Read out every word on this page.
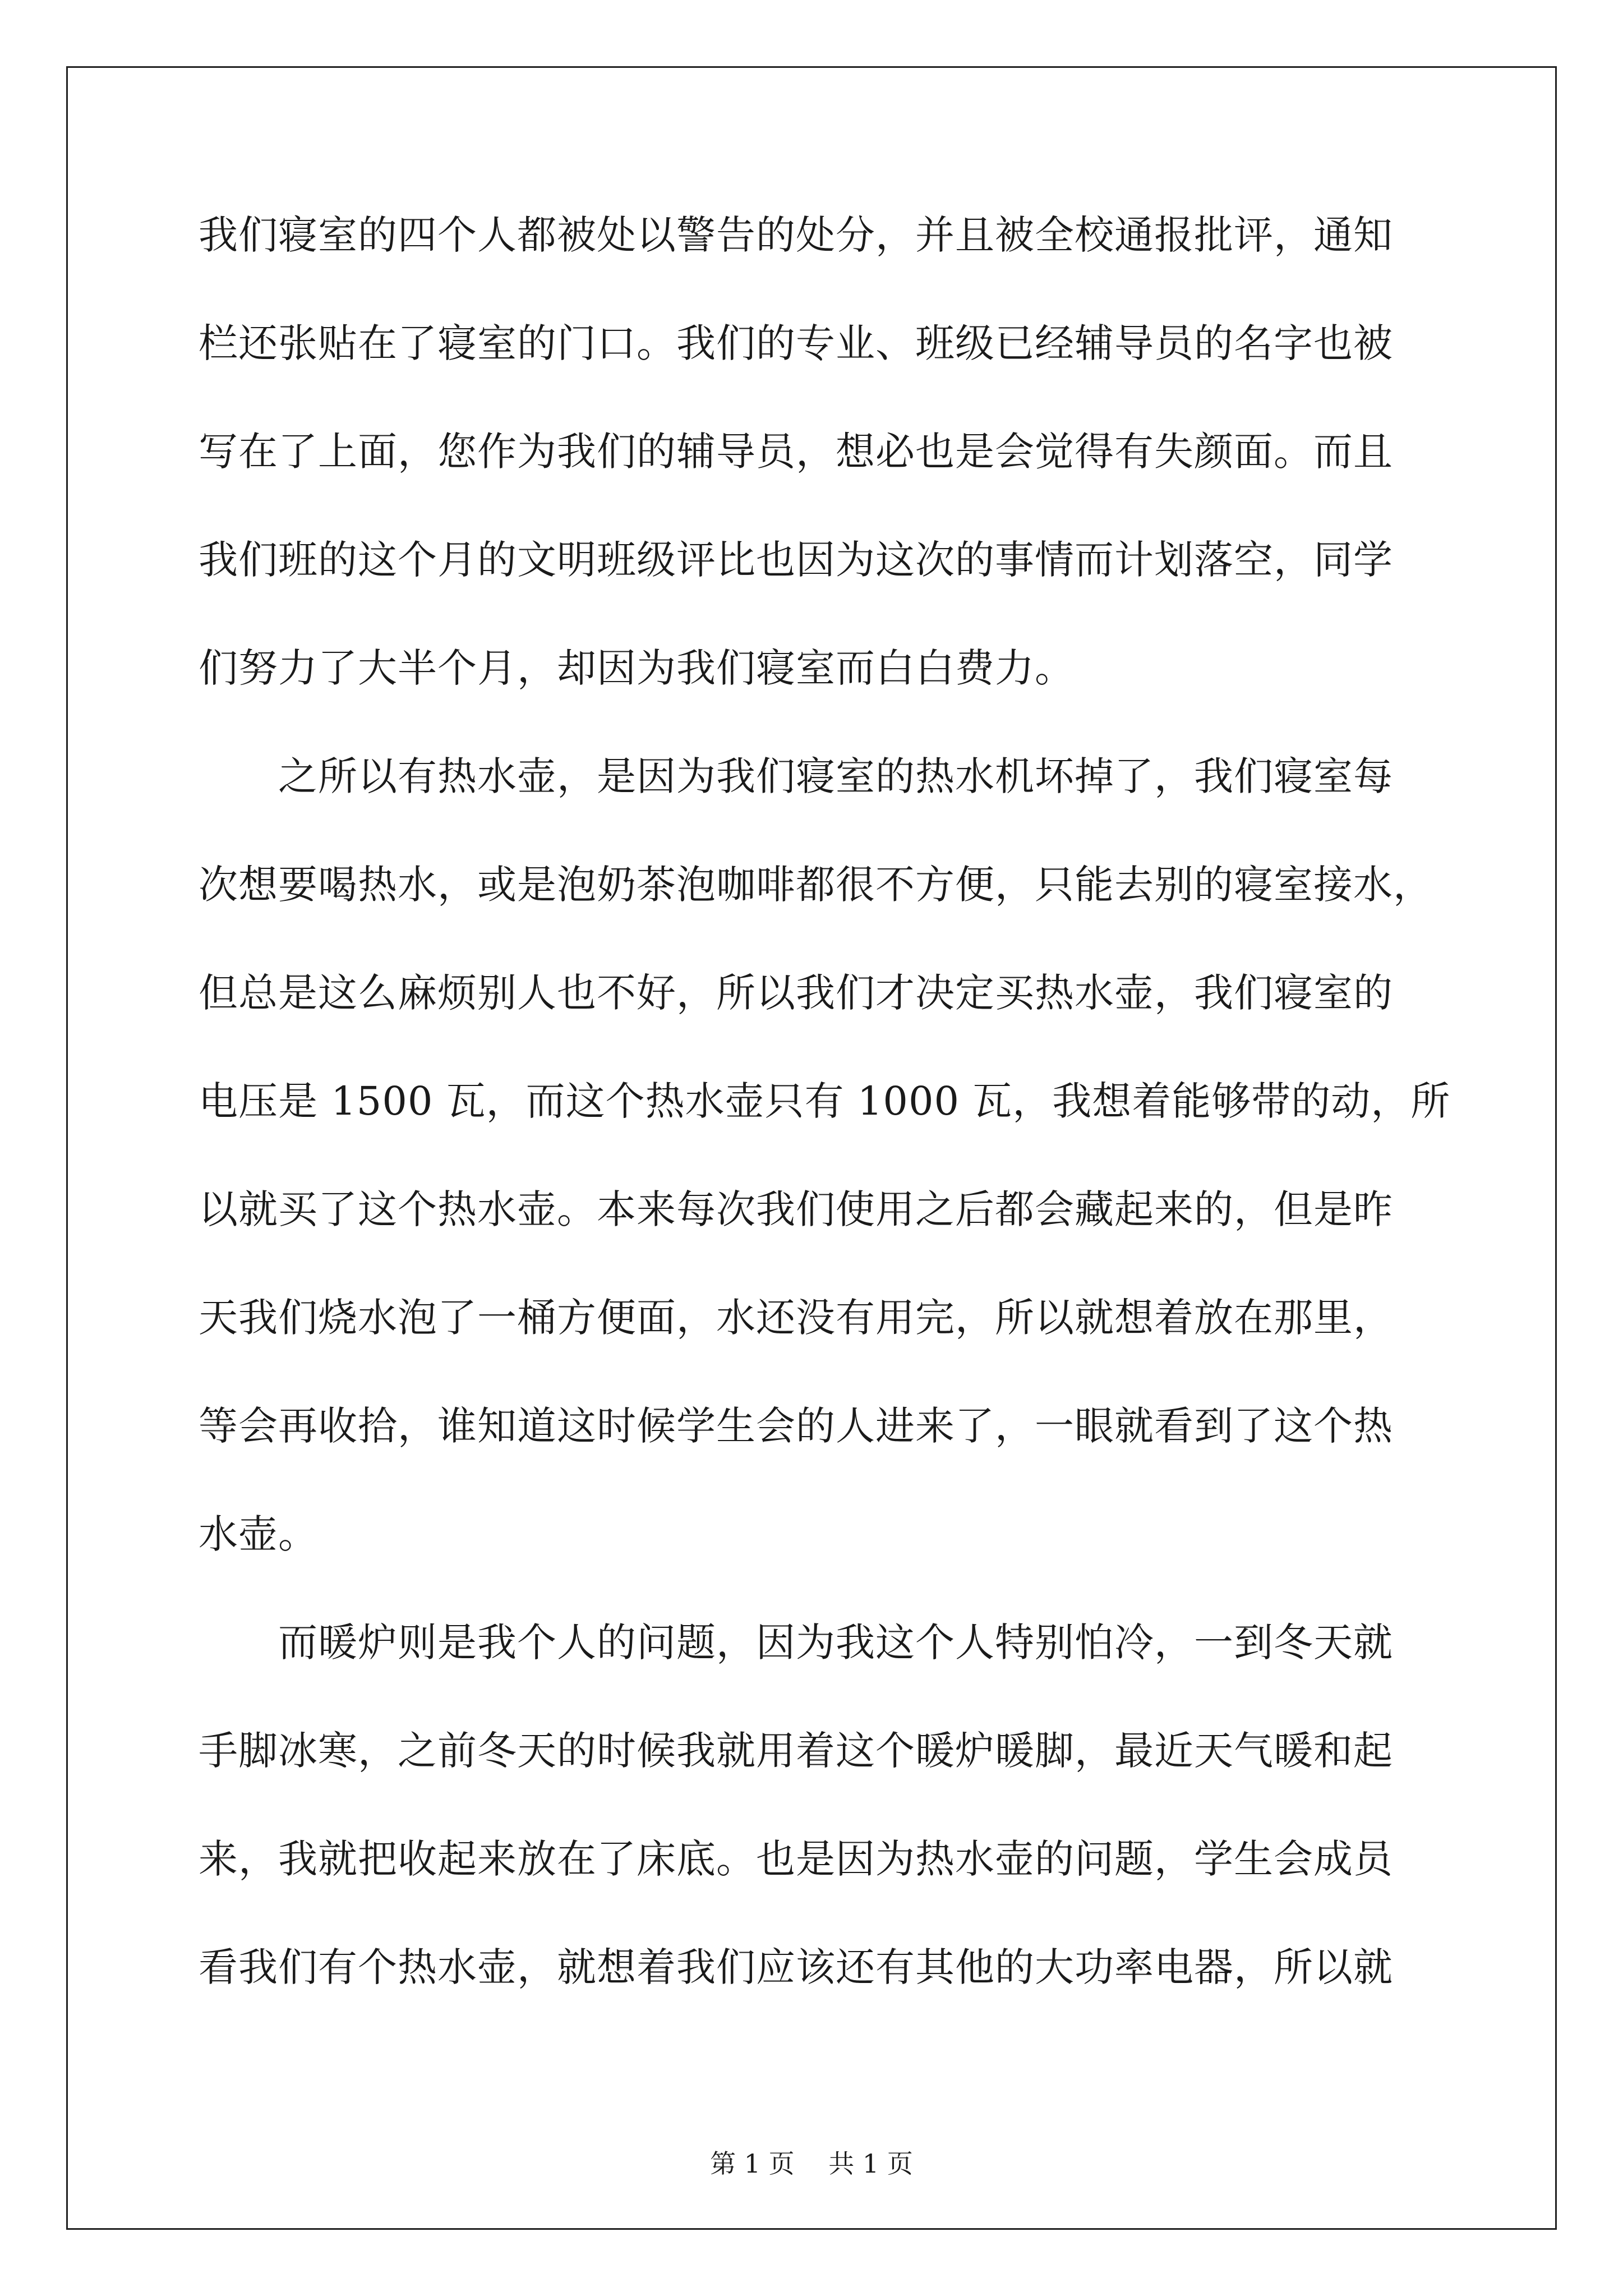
我们寝室的四个人都被处以警告的处分，并且被全校通报批评，通知
栏还张贴在了寝室的门口。我们的专业、班级已经辅导员的名字也被
写在了上面，您作为我们的辅导员，想必也是会觉得有失颜面。而且
我们班的这个月的文明班级评比也因为这次的事情而计划落空，同学
们努力了大半个月，却因为我们寝室而白白费力。
　　之所以有热水壶，是因为我们寝室的热水机坏掉了，我们寝室每
次想要喝热水，或是泡奶茶泡咖啡都很不方便，只能去别的寝室接水，
但总是这么麻烦别人也不好，所以我们才决定买热水壶，我们寝室的
电压是 1500 瓦，而这个热水壶只有 1000 瓦，我想着能够带的动，所
以就买了这个热水壶。本来每次我们使用之后都会藏起来的，但是昨
天我们烧水泡了一桶方便面，水还没有用完，所以就想着放在那里，
等会再收拾，谁知道这时候学生会的人进来了，一眼就看到了这个热
水壶。
　　而暖炉则是我个人的问题，因为我这个人特别怕冷，一到冬天就
手脚冰寒，之前冬天的时候我就用着这个暖炉暖脚，最近天气暖和起
来，我就把收起来放在了床底。也是因为热水壶的问题，学生会成员
看我们有个热水壶，就想着我们应该还有其他的大功率电器，所以就
第 1 页　 共 1 页
